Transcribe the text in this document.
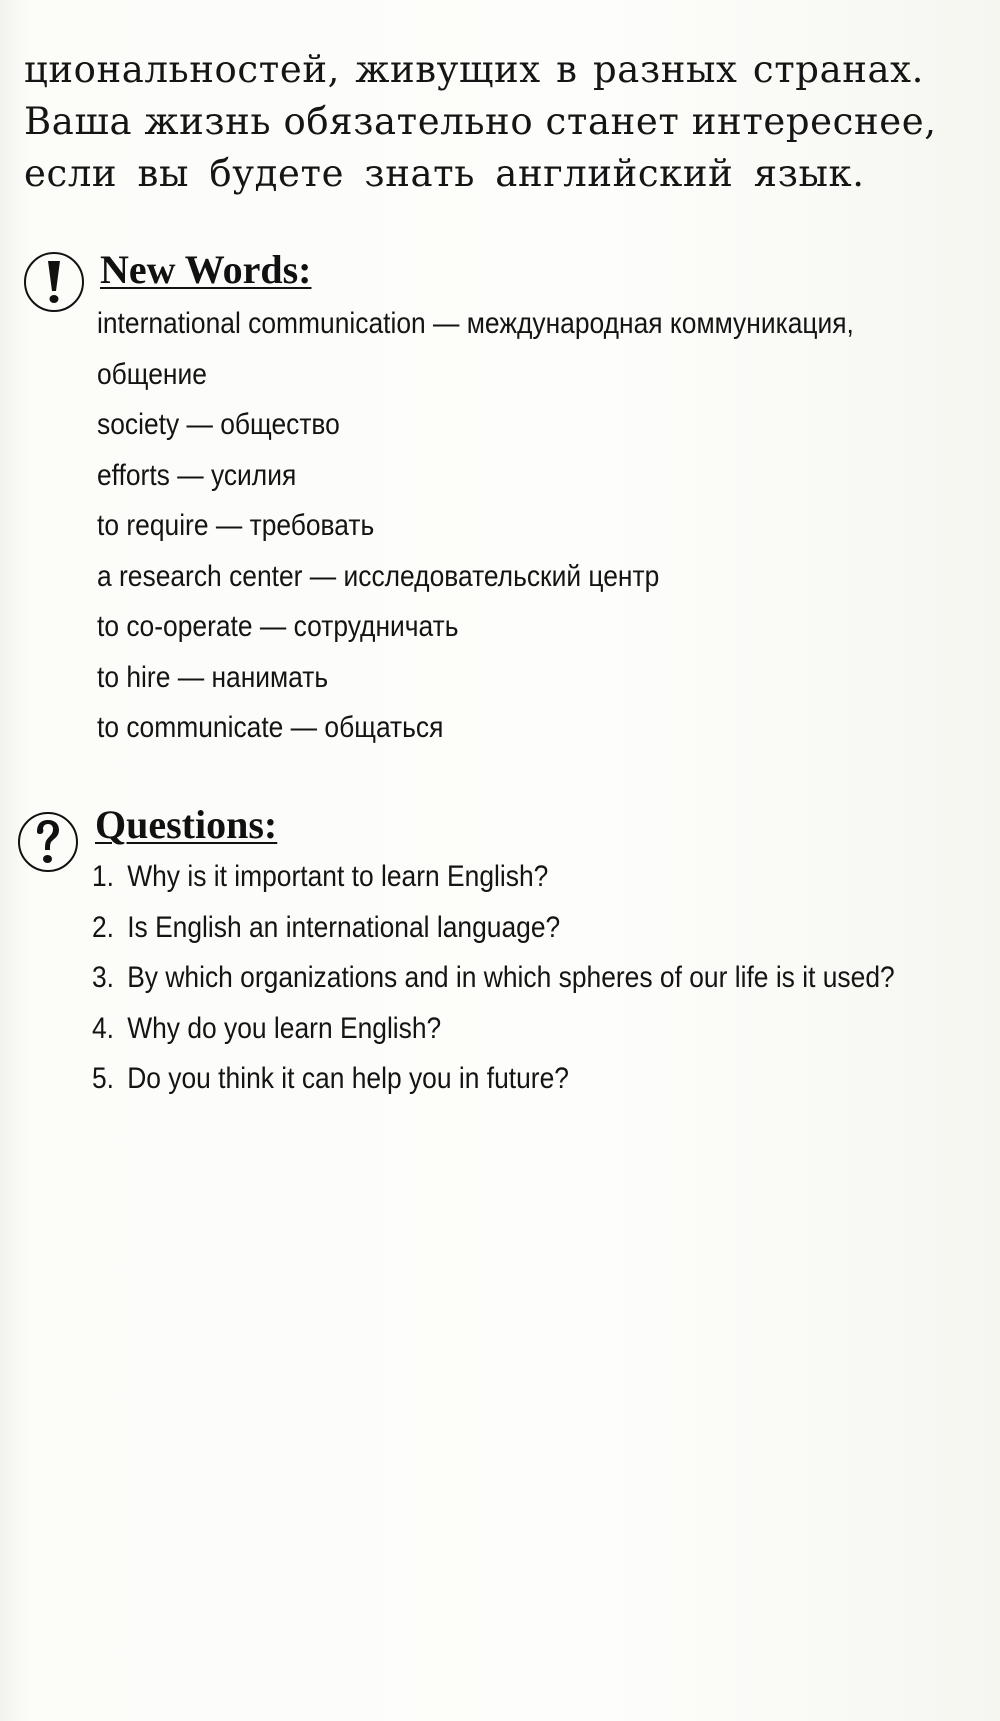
циональностей, живущих в разных странах.
Ваша жизнь обязательно станет интереснее,
если вы будете знать английский язык.
New Words:
international communication — международная коммуникация,
общение
society — общество
efforts — усилия
to require — требовать
a research center — исследовательский центр
to co-operate — сотрудничать
to hire — нанимать
to communicate — общаться
Questions:
1. Why is it important to learn English?
2. Is English an international language?
3. By which organizations and in which spheres of our life is it used?
4. Why do you learn English?
5. Do you think it can help you in future?
